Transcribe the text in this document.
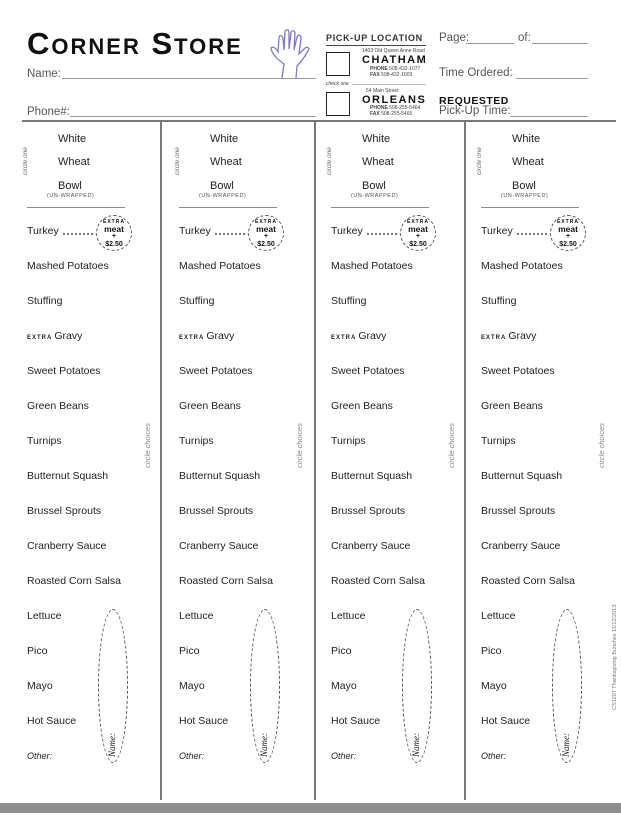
Corner Store
Name:
Phone#:
PICK-UP LOCATION
1403 Old Queen Anne Road
CHATHAM
PHONE 508-432-1077
FAX 508-432-1003
check one
54 Main Street
ORLEANS
PHONE 508-255-5464
FAX 508-255-5465
Page:	of:
Time Ordered:
REQUESTED
Pick-Up Time:
circle one
White
Wheat
Bowl
(UN-WRAPPED)
Turkey
EXTRA
meat
+
$2.50
Mashed Potatoes
Stuffing
EXTRA Gravy
Sweet Potatoes
Green Beans
Turnips
Butternut Squash
Brussel Sprouts
Cranberry Sauce
Roasted Corn Salsa
circle choices
Lettuce
Pico
Mayo
Hot Sauce
Other:	Name:
circle one
White
Wheat
Bowl
(UN-WRAPPED)
Turkey
EXTRA
meat
+
$2.50
Mashed Potatoes
Stuffing
EXTRA Gravy
Sweet Potatoes
Green Beans
Turnips
Butternut Squash
Brussel Sprouts
Cranberry Sauce
Roasted Corn Salsa
circle choices
Lettuce
Pico
Mayo
Hot Sauce
Other:	Name:
circle one
White
Wheat
Bowl
(UN-WRAPPED)
Turkey
EXTRA
meat
+
$2.50
Mashed Potatoes
Stuffing
EXTRA Gravy
Sweet Potatoes
Green Beans
Turnips
Butternut Squash
Brussel Sprouts
Cranberry Sauce
Roasted Corn Salsa
circle choices
Lettuce
Pico
Mayo
Hot Sauce
Other:	Name:
circle one
White
Wheat
Bowl
(UN-WRAPPED)
Turkey
EXTRA
meat
+
$2.50
Mashed Potatoes
Stuffing
EXTRA Gravy
Sweet Potatoes
Green Beans
Turnips
Butternut Squash
Brussel Sprouts
Cranberry Sauce
Roasted Corn Salsa
circle choices
Lettuce
Pico
Mayo
Hot Sauce
Other:	Name:
CS1207 Thanksgiving Bunches 11/12/2013
